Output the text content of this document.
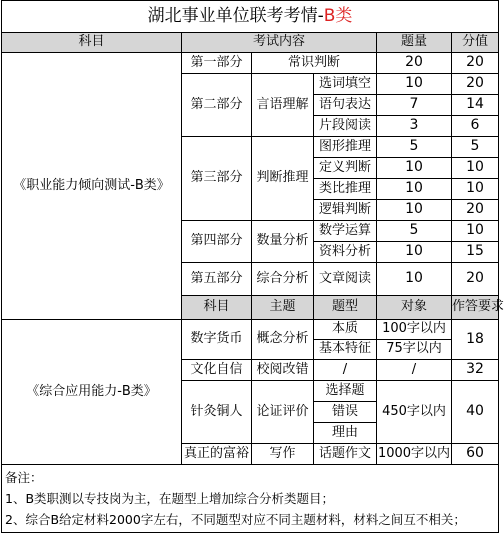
湖北事业单位联考考情-B类						
科目	考试内容			题量	分值	
《职业能力倾向测试-B类》	第一部分	常识判断		20	20	
	第二部分	言语理解	选词填空	10	20	
			语句表达	7	14	
			片段阅读	3	6	
	第三部分	判断推理	图形推理	5	5	
			定义判断	10	10	
			类比推理	10	10	
			逻辑判断	10	20	
	第四部分	数量分析	数学运算	5	10	
			资料分析	10	15	
	第五部分	综合分析	文章阅读	10	20	

	科目	主题	题型	对象	作答要求	
《综合应用能力-B类》	数字货币	概念分析	本质	100字以内	18	
			基本特征	75字以内		
	文化自信	校阅改错	/	/	32	
	针灸铜人	论证评价	选择题	450字以内	40	
			错误			
			理由			
	真正的富裕	写作	话题作文	1000字以内	60	

备注：
1、B类职测以专技岗为主，在题型上增加综合分析类题目；
2、综合B给定材料2000字左右，不同题型对应不同主题材料，材料之间互不相关；						
